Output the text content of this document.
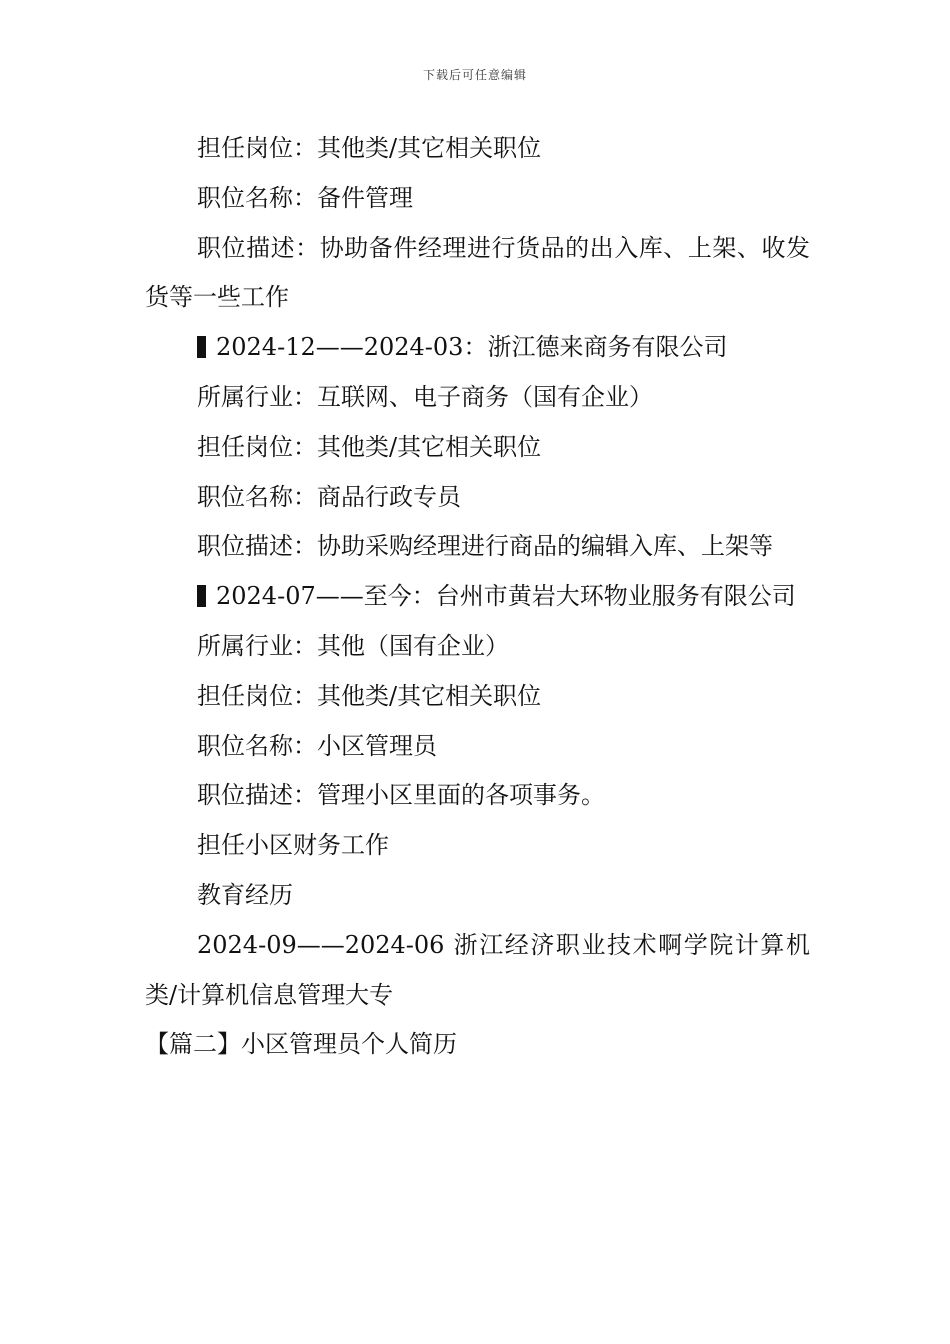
下载后可任意编辑

担任岗位：其他类/其它相关职位

职位名称：备件管理

职位描述：协助备件经理进行货品的出入库、上架、收发货等一些工作

2024-12——2024-03：浙江德来商务有限公司

所属行业：互联网、电子商务（国有企业）

担任岗位：其他类/其它相关职位

职位名称：商品行政专员

职位描述：协助采购经理进行商品的编辑入库、上架等

2024-07——至今：台州市黄岩大环物业服务有限公司

所属行业：其他（国有企业）

担任岗位：其他类/其它相关职位

职位名称：小区管理员

职位描述：管理小区里面的各项事务。

担任小区财务工作

教育经历

2024-09——2024-06 浙江经济职业技术啊学院计算机类/计算机信息管理大专

【篇二】小区管理员个人简历
